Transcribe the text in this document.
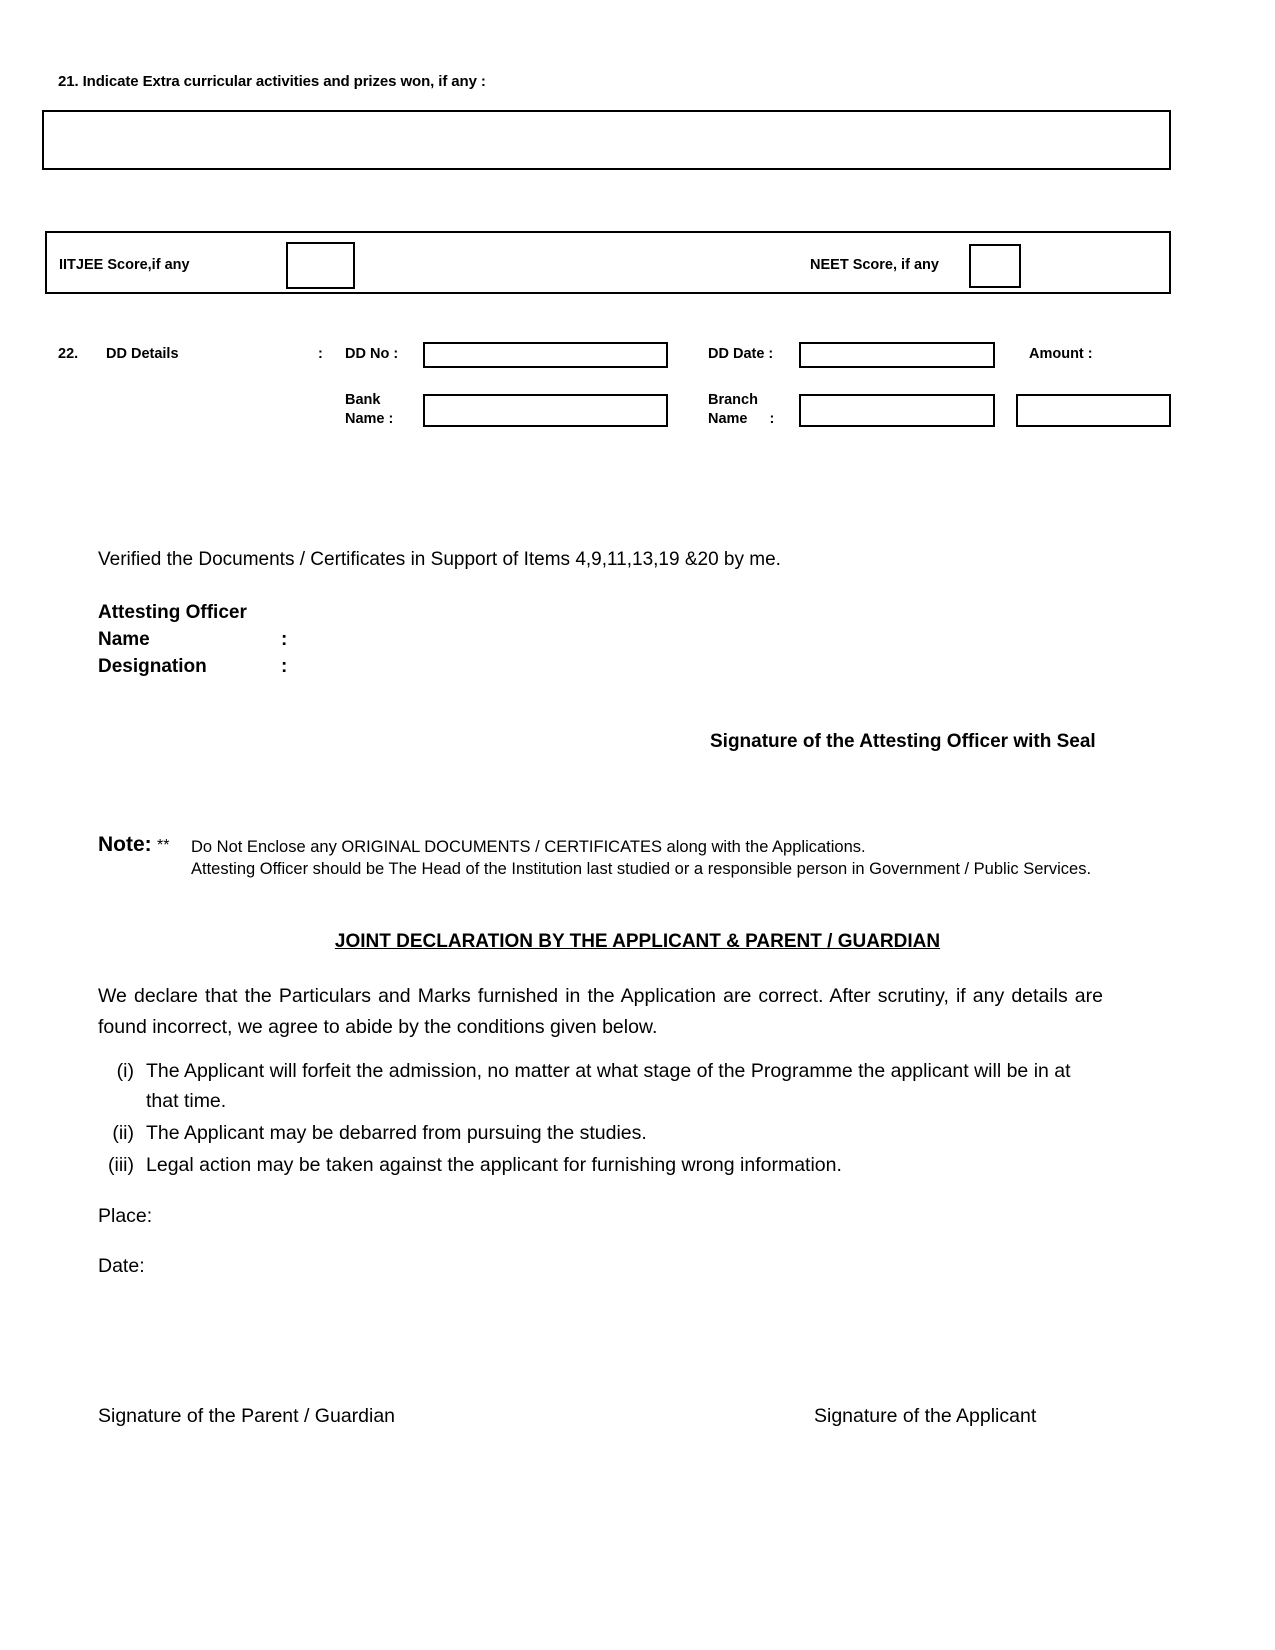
21. Indicate Extra curricular activities and prizes won, if any :
IITJEE Score,if any	NEET Score, if any
22. DD Details	: DD No :	DD Date :	Amount :
Bank
Name :
Branch
Name :
Verified the Documents / Certificates in Support of Items 4,9,11,13,19 &20 by me.
Attesting Officer
Name	:
Designation	:
Signature of the Attesting Officer with Seal
Note: ** Do Not Enclose any ORIGINAL DOCUMENTS / CERTIFICATES along with the Applications.
Attesting Officer should be The Head of the Institution last studied or a responsible person in Government / Public Services.
JOINT DECLARATION BY THE APPLICANT & PARENT / GUARDIAN
We declare that the Particulars and Marks furnished in the Application are correct. After scrutiny, if any details are found incorrect, we agree to abide by the conditions given below.
(i) The Applicant will forfeit the admission, no matter at what stage of the Programme the applicant will be in at that time.
(ii) The Applicant may be debarred from pursuing the studies.
(iii) Legal action may be taken against the applicant for furnishing wrong information.
Place:
Date:
Signature of the Parent / Guardian	Signature of the Applicant
